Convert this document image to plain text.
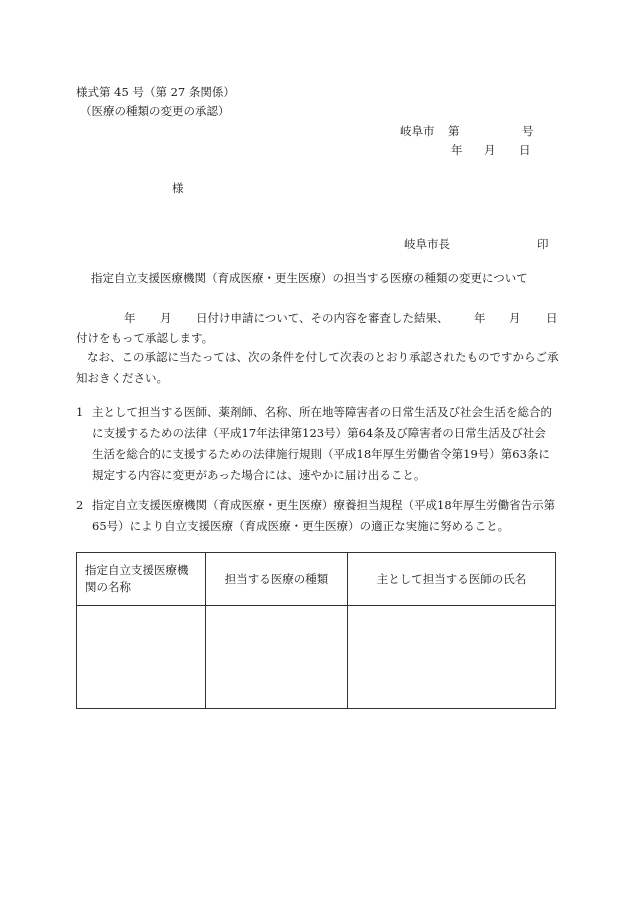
様式第 45 号（第 27 条関係）
（医療の種類の変更の承認）
岐阜市 第	号
年 月 日
様
岐阜市長	印
指定自立支援医療機関（育成医療・更生医療）の担当する医療の種類の変更について
年 月 日付け申請について、その内容を審査した結果、 年 月 日
付けをもって承認します。
なお、この承認に当たっては、次の条件を付して次表のとおり承認されたものですからご承知おきください。
1 主として担当する医師、薬剤師、名称、所在地等障害者の日常生活及び社会生活を総合的に支援するための法律（平成17年法律第123号）第64条及び障害者の日常生活及び社会生活を総合的に支援するための法律施行規則（平成18年厚生労働省令第19号）第63条に規定する内容に変更があった場合には、速やかに届け出ること。
2 指定自立支援医療機関（育成医療・更生医療）療養担当規程（平成18年厚生労働省告示第65号）により自立支援医療（育成医療・更生医療）の適正な実施に努めること。
指定自立支援医療機関の名称	担当する医療の種類	主として担当する医師の氏名
